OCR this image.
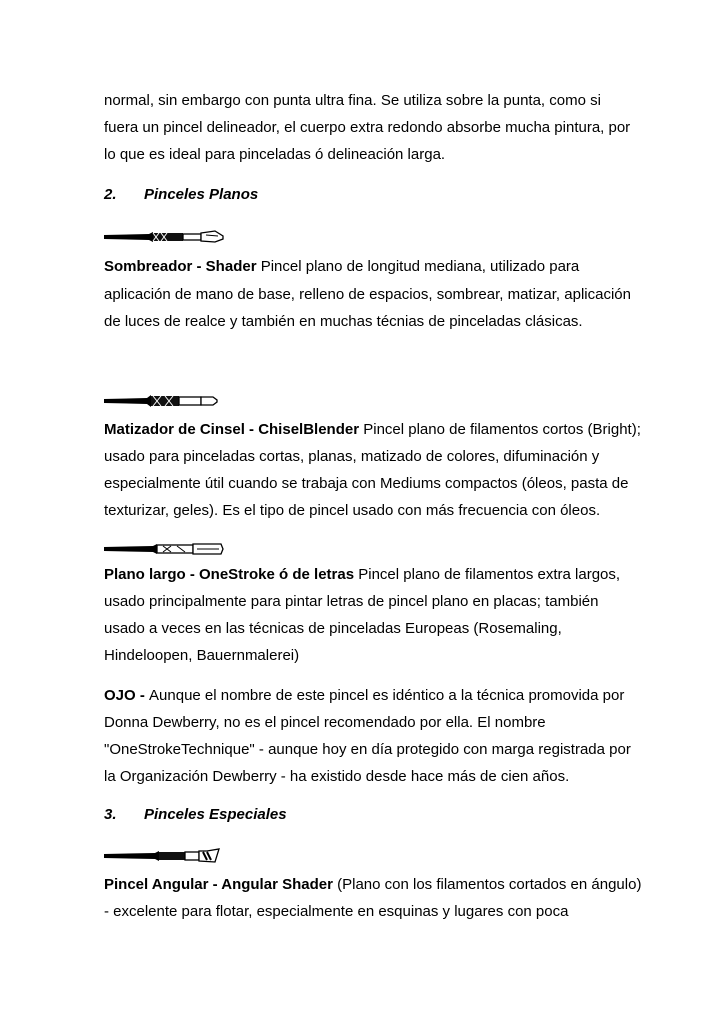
normal, sin embargo con punta ultra fina. Se utiliza sobre la punta, como si
fuera un pincel delineador, el cuerpo extra redondo absorbe mucha pintura, por
lo que es ideal para pinceladas ó delineación larga.
2. Pinceles Planos
Sombreador - Shader Pincel plano de longitud mediana, utilizado para
aplicación de mano de base, relleno de espacios, sombrear, matizar, aplicación
de luces de realce y también en muchas técnias de pinceladas clásicas.
Matizador de Cinsel - ChiselBlender Pincel plano de filamentos cortos (Bright);
usado para pinceladas cortas, planas, matizado de colores, difuminación y
especialmente útil cuando se trabaja con Mediums compactos (óleos, pasta de
texturizar, geles). Es el tipo de pincel usado con más frecuencia con óleos.
Plano largo - OneStroke ó de letras Pincel plano de filamentos extra largos,
usado principalmente para pintar letras de pincel plano en placas; también
usado a veces en las técnicas de pinceladas Europeas (Rosemaling,
Hindeloopen, Bauernmalerei)
OJO - Aunque el nombre de este pincel es idéntico a la técnica promovida por
Donna Dewberry, no es el pincel recomendado por ella. El nombre
"OneStrokeTechnique" - aunque hoy en día protegido con marga registrada por
la Organización Dewberry - ha existido desde hace más de cien años.
3. Pinceles Especiales
Pincel Angular - Angular Shader (Plano con los filamentos cortados en ángulo)
- excelente para flotar, especialmente en esquinas y lugares con poca
